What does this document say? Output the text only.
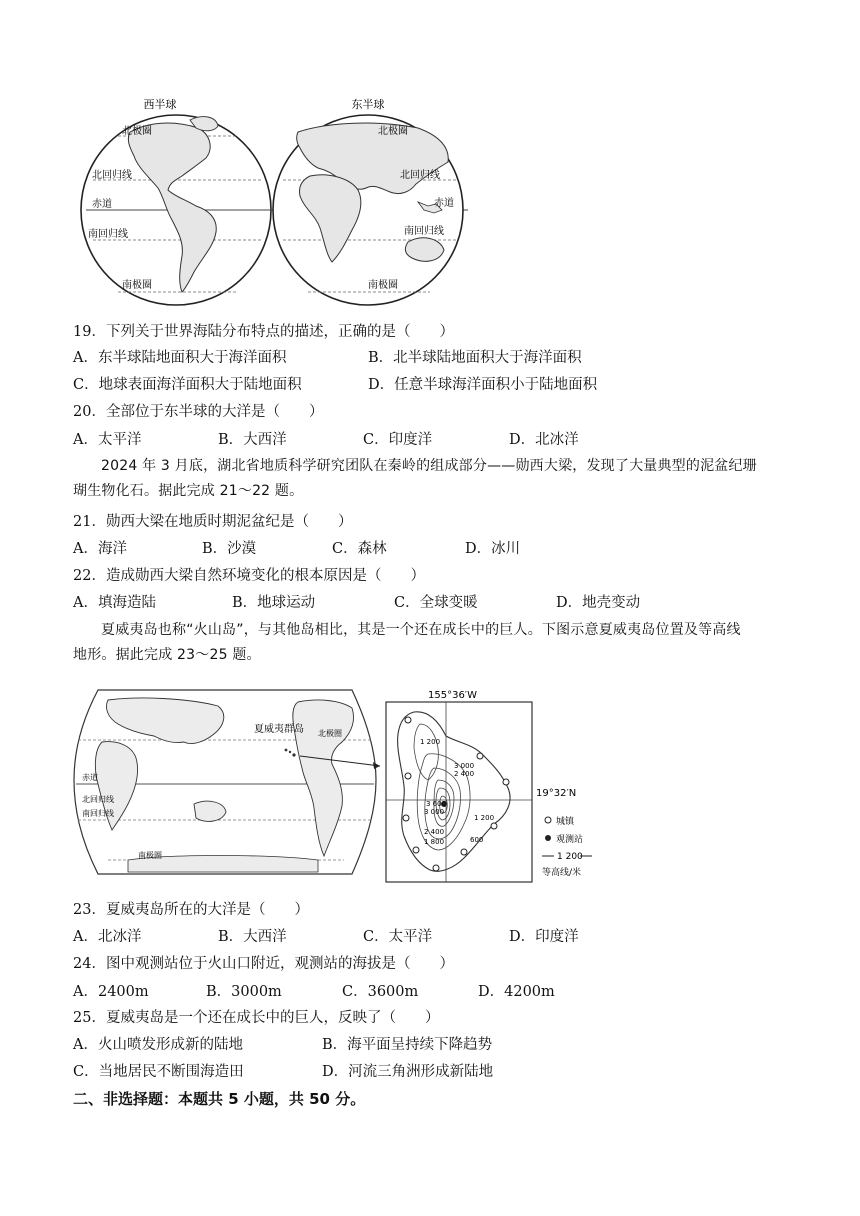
西半球
北回归线
赤道
南回归线
北极圈
南极圈
东半球
北极圈
北回归线
赤道
南回归线
南极圈
19．下列关于世界海陆分布特点的描述，正确的是（　　）
A．东半球陆地面积大于海洋面积	B．北半球陆地面积大于海洋面积
C．地球表面海洋面积大于陆地面积	D．任意半球海洋面积小于陆地面积
20．全部位于东半球的大洋是（　　）
A．太平洋	B．大西洋	C．印度洋	D．北冰洋
2024 年 3 月底，湖北省地质科学研究团队在秦岭的组成部分——勋西大梁，发现了大量典型的泥盆纪珊
瑚生物化石。据此完成 21～22 题。
21．勋西大梁在地质时期泥盆纪是（　　）
A．海洋	B．沙漠	C．森林	D．冰川
22．造成勋西大梁自然环境变化的根本原因是（　　）
A．填海造陆	B．地球运动	C．全球变暖	D．地壳变动
夏威夷岛也称“火山岛”，与其他岛相比，其是一个还在成长中的巨人。下图示意夏威夷岛位置及等高线
地形。据此完成 23～25 题。
夏威夷群岛
北回归线
赤道
南回归线
北极圈
南极圈
155°36′W
19°32′N
1 200
3 000
2 400
3 600
3 000
2 400
1 800
1 200
600
城镇
观测站
1 200
等高线/米
23．夏威夷岛所在的大洋是（　　）
A．北冰洋	B．大西洋	C．太平洋	D．印度洋
24．图中观测站位于火山口附近，观测站的海拔是（　　）
A．2400m	B．3000m	C．3600m	D．4200m
25．夏威夷岛是一个还在成长中的巨人，反映了（　　）
A．火山喷发形成新的陆地	B．海平面呈持续下降趋势
C．当地居民不断围海造田	D．河流三角洲形成新陆地
二、非选择题：本题共 5 小题，共 50 分。
